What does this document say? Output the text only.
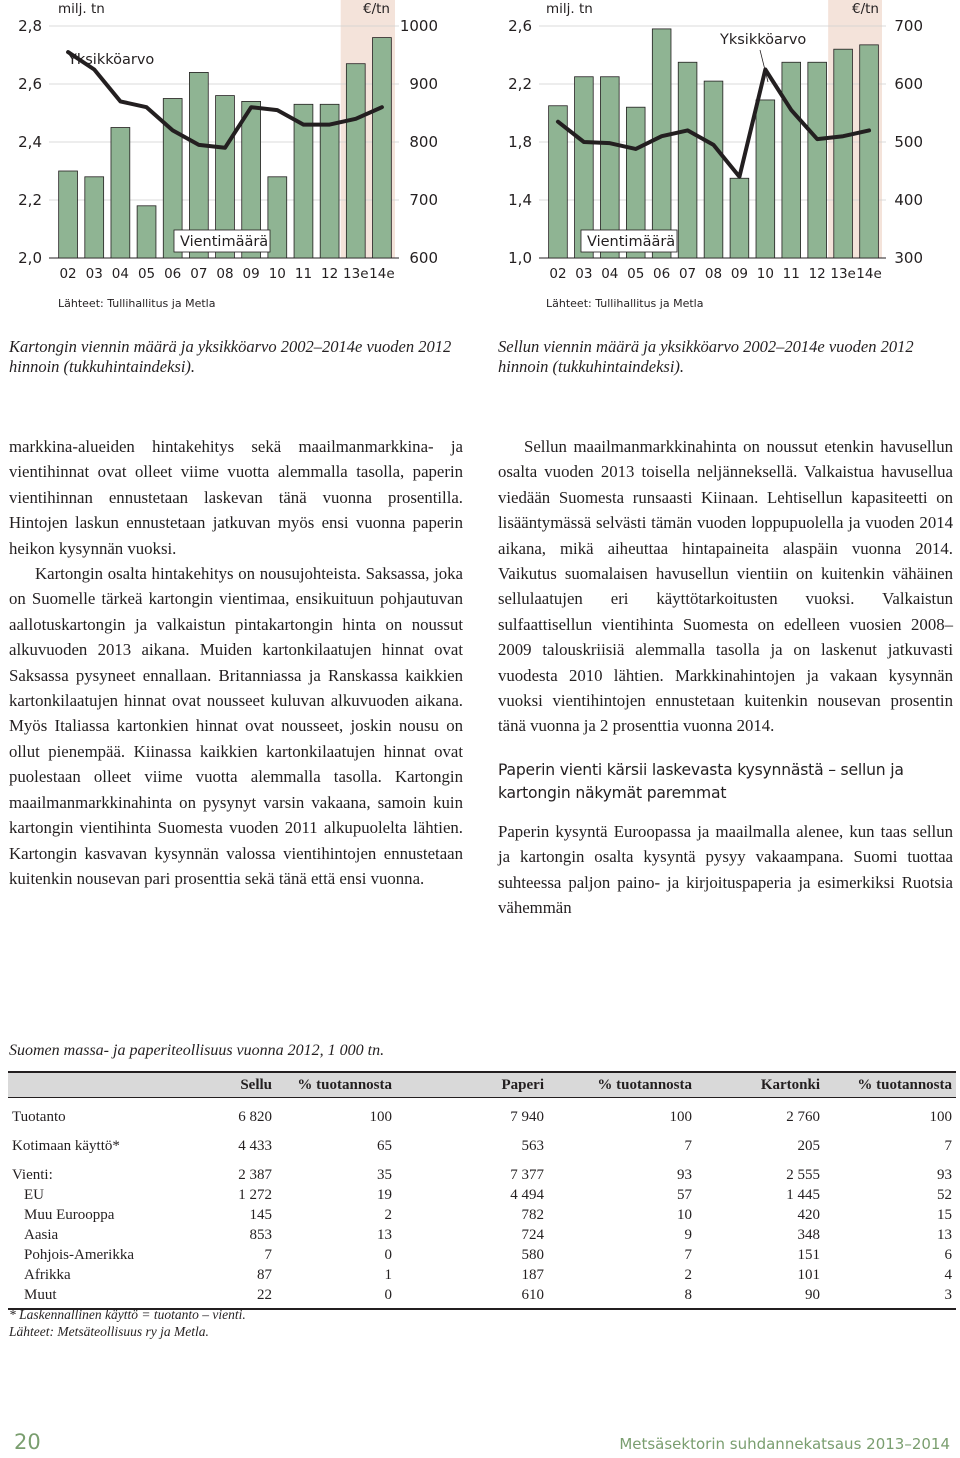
2,8
2,6
2,4
2,2
2,0
1000
900
800
700
600
02 03 04 05 06 07 08 09 10 11 12 13e 14e
milj. tn	€/tn
Yksikköarvo
Vientimäärä
Lähteet: Tullihallitus ja Metla

Kartongin viennin määrä ja yksikköarvo 2002–2014e vuoden 2012 hinnoin (tukkuhintaindeksi).

2,6
2,2
1,8
1,4
1,0
700
600
500
400
300
02 03 04 05 06 07 08 09 10 11 12 13e 14e
milj. tn	€/tn
Yksikköarvo
Vientimäärä
Lähteet: Tullihallitus ja Metla

Sellun viennin määrä ja yksikköarvo 2002–2014e vuoden 2012 hinnoin (tukkuhintaindeksi).

markkina-alueiden hintakehitys sekä maailmanmarkkina- ja vientihinnat ovat olleet viime vuotta alemmalla tasolla, paperin vientihinnan ennustetaan laskevan tänä vuonna prosentilla. Hintojen laskun ennustetaan jatkuvan myös ensi vuonna paperin heikon kysynnän vuoksi.

Kartongin osalta hintakehitys on nousujohteista. Saksassa, joka on Suomelle tärkeä kartongin vientimaa, ensikuituun pohjautuvan aallotuskartongin ja valkaistun pintakartongin hinta on noussut alkuvuoden 2013 aikana. Muiden kartonkilaatujen hinnat ovat Saksassa pysyneet ennallaan. Britanniassa ja Ranskassa kaikkien kartonkilaatujen hinnat ovat nousseet kuluvan alkuvuoden aikana. Myös Italiassa kartonkien hinnat ovat nousseet, joskin nousu on ollut pienempää. Kiinassa kaikkien kartonkilaatujen hinnat ovat puolestaan olleet viime vuotta alemmalla tasolla. Kartongin maailmanmarkkinahinta on pysynyt varsin vakaana, samoin kuin kartongin vientihinta Suomesta vuoden 2011 alkupuolelta lähtien. Kartongin kasvavan kysynnän valossa vientihintojen ennustetaan kuitenkin nousevan pari prosenttia sekä tänä että ensi vuonna.

Sellun maailmanmarkkinahinta on noussut etenkin havusellun osalta vuoden 2013 toisella neljänneksellä. Valkaistua havusellua viedään Suomesta runsaasti Kiinaan. Lehtisellun kapasiteetti on lisääntymässä selvästi tämän vuoden loppupuolella ja vuoden 2014 aikana, mikä aiheuttaa hintapaineita alaspäin vuonna 2014. Vaikutus suomalaisen havusellun vientiin on kuitenkin vähäinen sellulaatujen eri käyttötarkoitusten vuoksi. Valkaistun sulfaattisellun vientihinta Suomesta on edelleen vuosien 2008–2009 talouskriisiä alemmalla tasolla ja on laskenut jatkuvasti vuodesta 2010 lähtien. Markkinahintojen ja vakaan kysynnän vuoksi vientihintojen ennustetaan kuitenkin nousevan prosentin tänä vuonna ja 2 prosenttia vuonna 2014.

Paperin vienti kärsii laskevasta kysynnästä – sellun ja kartongin näkymät paremmat

Paperin kysyntä Euroopassa ja maailmalla alenee, kun taas sellun ja kartongin osalta kysyntä pysyy vakaampana. Suomi tuottaa suhteessa paljon paino- ja kirjoituspaperia ja esimerkiksi Ruotsia vähemmän

Suomen massa- ja paperiteollisuus vuonna 2012, 1 000 tn.

	Sellu	% tuotannosta	Paperi	% tuotannosta	Kartonki	% tuotannosta
Tuotanto	6 820	100	7 940	100	2 760	100
Kotimaan käyttö*	4 433	65	563	7	205	7
Vienti:	2 387	35	7 377	93	2 555	93
EU	1 272	19	4 494	57	1 445	52
Muu Eurooppa	145	2	782	10	420	15
Aasia	853	13	724	9	348	13
Pohjois-Amerikka	7	0	580	7	151	6
Afrikka	87	1	187	2	101	4
Muut	22	0	610	8	90	3

* Laskennallinen käyttö = tuotanto – vienti.

Lähteet: Metsäteollisuus ry ja Metla.

20	Metsäsektorin suhdannekatsaus 2013–2014
